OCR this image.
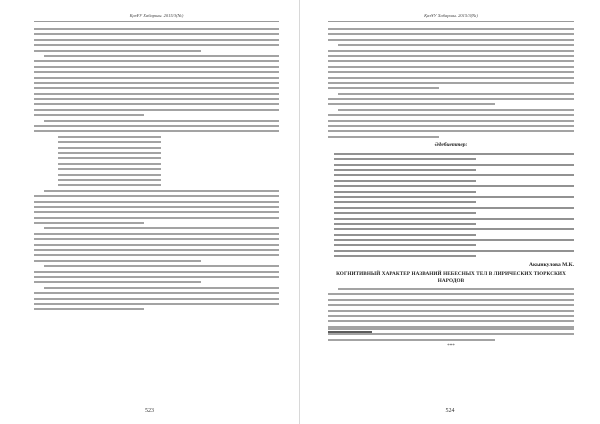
ҚазҰУ Хабаршы. 2015/3(№)
523
ҚазҰУ Хабаршы. 2015/3(№)
Әдебиеттер:
Акынкулова М.К.
КОГНИТИВНЫЙ ХАРАКТЕР НАЗВАНИЙ НЕБЕСНЫХ ТЕЛ В ЛИРИЧЕСКИХ ТЮРКСКИХ НАРОДОВ
***
524
